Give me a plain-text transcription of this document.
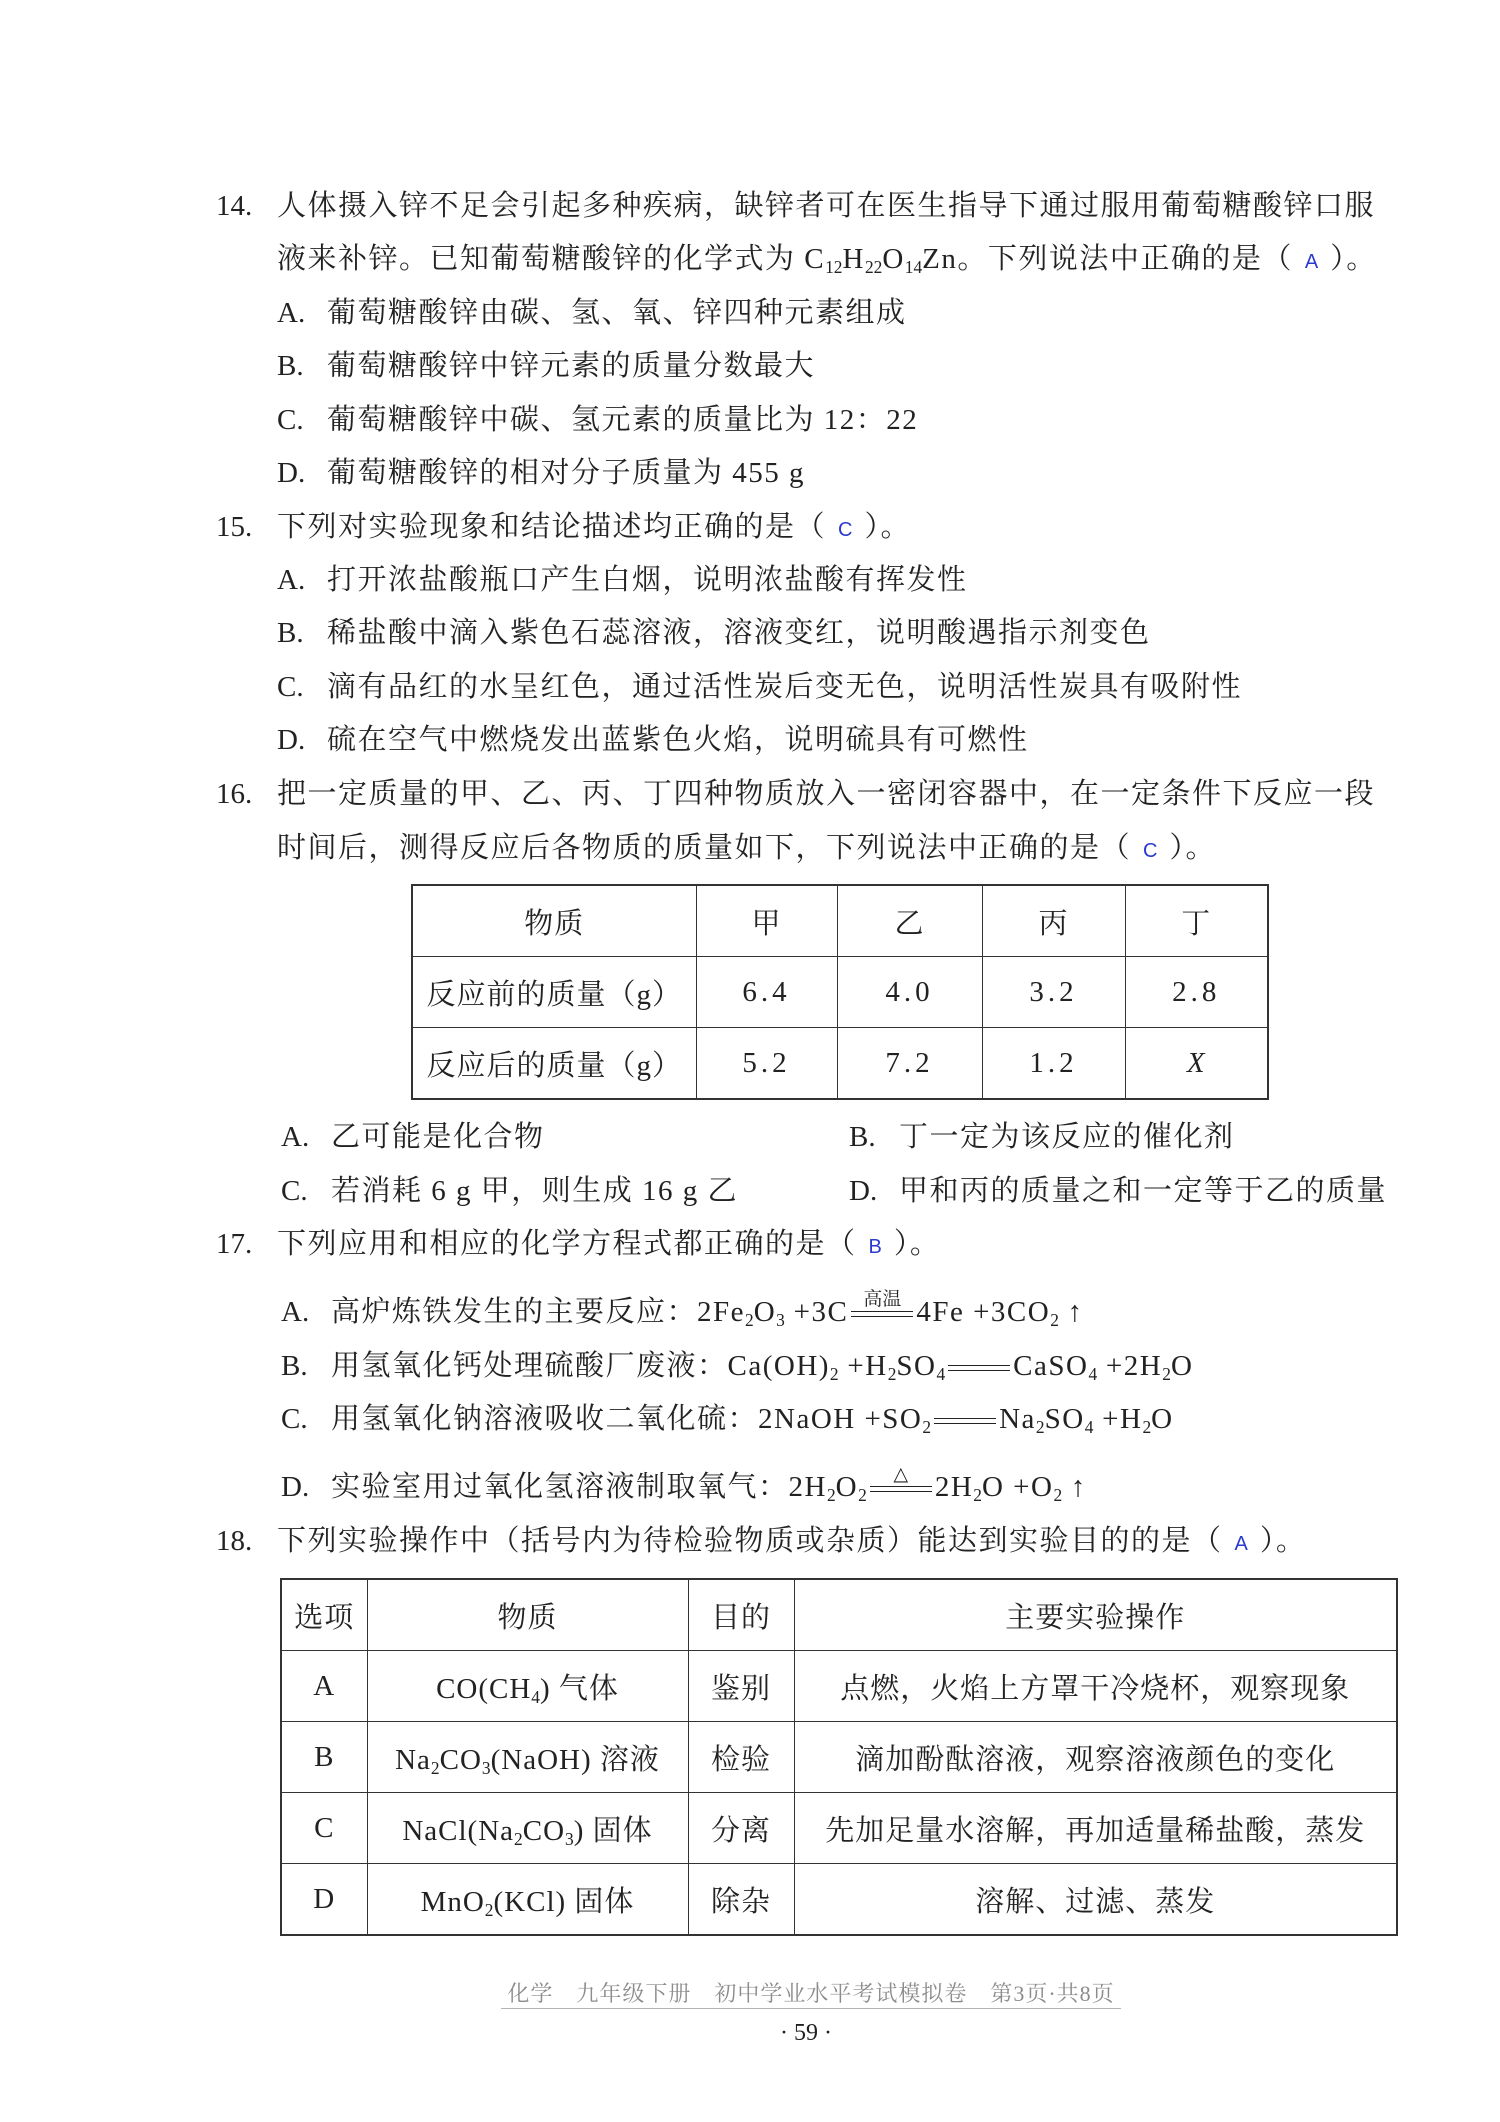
14. 人体摄入锌不足会引起多种疾病，缺锌者可在医生指导下通过服用葡萄糖酸锌口服
液来补锌。已知葡萄糖酸锌的化学式为 $C_{12}H_{22}O_{14}Zn$。下列说法中正确的是（ A ）。
A. 葡萄糖酸锌由碳、氢、氧、锌四种元素组成
B. 葡萄糖酸锌中锌元素的质量分数最大
C. 葡萄糖酸锌中碳、氢元素的质量比为 12：22
D. 葡萄糖酸锌的相对分子质量为 455 g
15. 下列对实验现象和结论描述均正确的是（ C ）。
A. 打开浓盐酸瓶口产生白烟，说明浓盐酸有挥发性
B. 稀盐酸中滴入紫色石蕊溶液，溶液变红，说明酸遇指示剂变色
C. 滴有品红的水呈红色，通过活性炭后变无色，说明活性炭具有吸附性
D. 硫在空气中燃烧发出蓝紫色火焰，说明硫具有可燃性
16. 把一定质量的甲、乙、丙、丁四种物质放入一密闭容器中，在一定条件下反应一段
时间后，测得反应后各物质的质量如下，下列说法中正确的是（ C ）。
物质	甲	乙	丙	丁
反应前的质量（g）	6.4	4.0	3.2	2.8
反应后的质量（g）	5.2	7.2	1.2	X
A. 乙可能是化合物	B. 丁一定为该反应的催化剂
C. 若消耗 6 g 甲，则生成 16 g 乙	D. 甲和丙的质量之和一定等于乙的质量
17. 下列应用和相应的化学方程式都正确的是（ B ）。
A. 高炉炼铁发生的主要反应：$2Fe_2O_3 +3C$ 高温 $4Fe +3CO_2$ ↑
B. 用氢氧化钙处理硫酸厂废液：$Ca(OH)_2 +H_2SO_4$ CaSO$_4$ $+2H_2O$
C. 用氢氧化钠溶液吸收二氧化硫：2NaOH $+SO_2$ $Na_2SO_4 +H_2O$
D. 实验室用过氧化氢溶液制取氧气：$2H_2O_2$
△ $2H_2O +O_2$ ↑
18. 下列实验操作中（括号内为待检验物质或杂质）能达到实验目的的是（ A ）。
选项	物质	目的	主要实验操作
A	$CO(CH_4)$ 气体	鉴别	点燃，火焰上方罩干冷烧杯，观察现象
B	$Na_2CO_3(NaOH)$ 溶液	检验	滴加酚酞溶液，观察溶液颜色的变化
C	$NaCl(Na_2CO_3)$ 固体	分离	先加足量水溶解，再加适量稀盐酸，蒸发
D	MnO$_2$(KCl) 固体	除杂	溶解、过滤、蒸发
化学　九年级下册　初中学业水平考试模拟卷　第3页·共8页
· 59 ·
